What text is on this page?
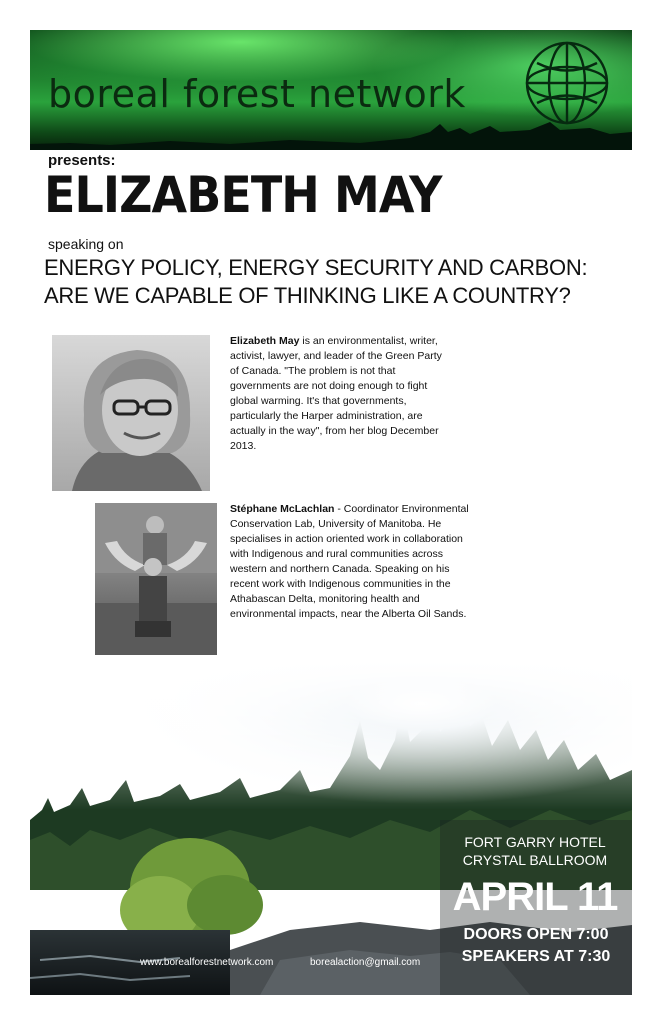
boreal forest network
presents:
ELIZABETH MAY
speaking on
ENERGY POLICY, ENERGY SECURITY AND CARBON:
ARE WE CAPABLE OF THINKING LIKE A COUNTRY?
Elizabeth May is an environmentalist, writer, activist, lawyer, and leader of the Green Party of Canada. "The problem is not that governments are not doing enough to fight global warming. It's that governments, particularly the Harper administration, are actually in the way", from her blog December 2013.
Stéphane McLachlan - Coordinator Environmental Conservation Lab, University of Manitoba. He specialises in action oriented work in collaboration with Indigenous and rural communities across western and northern Canada. Speaking on his recent work with Indigenous communities in the Athabascan Delta, monitoring health and environmental impacts, near the Alberta Oil Sands.
FORT GARRY HOTEL
CRYSTAL BALLROOM
APRIL 11
DOORS OPEN 7:00
SPEAKERS AT 7:30
www.borealforestnetwork.com	borealaction@gmail.com
